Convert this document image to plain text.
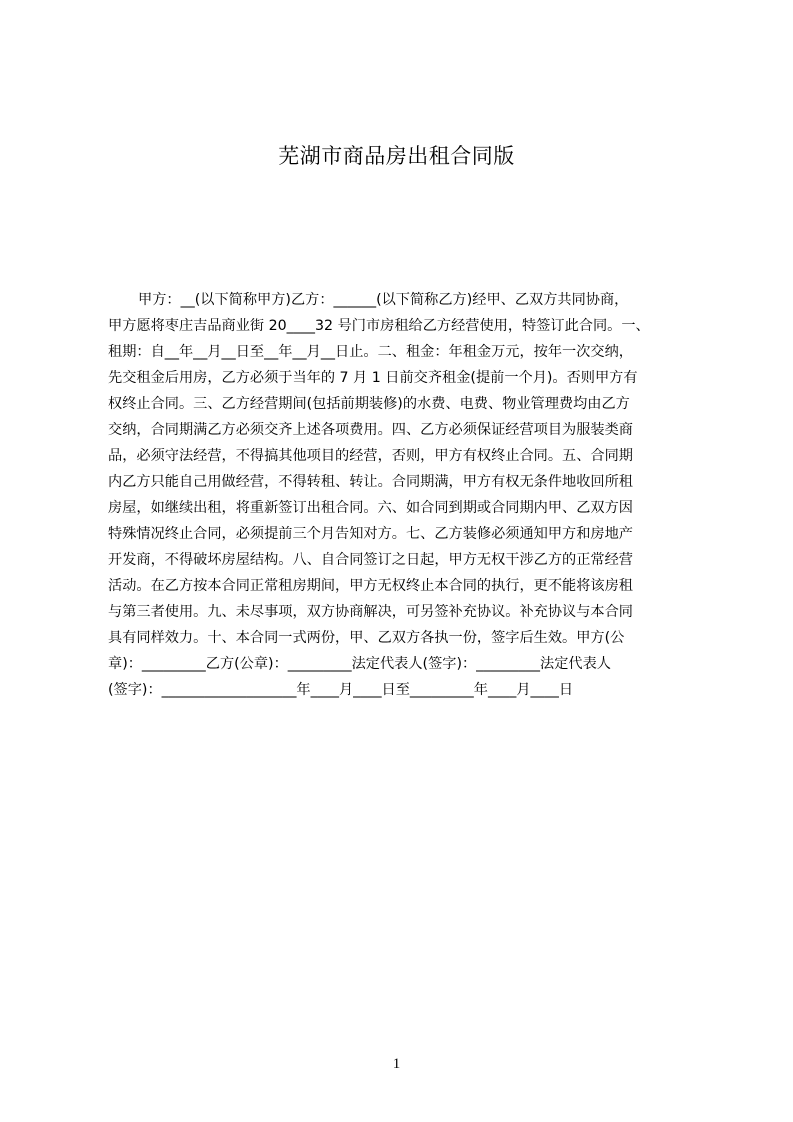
芜湖市商品房出租合同版
甲方：__(以下简称甲方)乙方：______(以下简称乙方)经甲、乙双方共同协商，
甲方愿将枣庄吉品商业街 20____32 号门市房租给乙方经营使用，特签订此合同。一、
租期：自__年__月__日至__年__月__日止。二、租金：年租金万元，按年一次交纳，
先交租金后用房，乙方必须于当年的 7 月 1 日前交齐租金(提前一个月)。否则甲方有
权终止合同。三、乙方经营期间(包括前期装修)的水费、电费、物业管理费均由乙方
交纳，合同期满乙方必须交齐上述各项费用。四、乙方必须保证经营项目为服装类商
品，必须守法经营，不得搞其他项目的经营，否则，甲方有权终止合同。五、合同期
内乙方只能自己用做经营，不得转租、转让。合同期满，甲方有权无条件地收回所租
房屋，如继续出租，将重新签订出租合同。六、如合同到期或合同期内甲、乙双方因
特殊情况终止合同，必须提前三个月告知对方。七、乙方装修必须通知甲方和房地产
开发商，不得破坏房屋结构。八、自合同签订之日起，甲方无权干涉乙方的正常经营
活动。在乙方按本合同正常租房期间，甲方无权终止本合同的执行，更不能将该房租
与第三者使用。九、未尽事项，双方协商解决，可另签补充协议。补充协议与本合同
具有同样效力。十、本合同一式两份，甲、乙双方各执一份，签字后生效。甲方(公
章)：_________乙方(公章)：_________法定代表人(签字)：_________法定代表人
(签字)：___________________年____月____日至_________年____月____日
1
